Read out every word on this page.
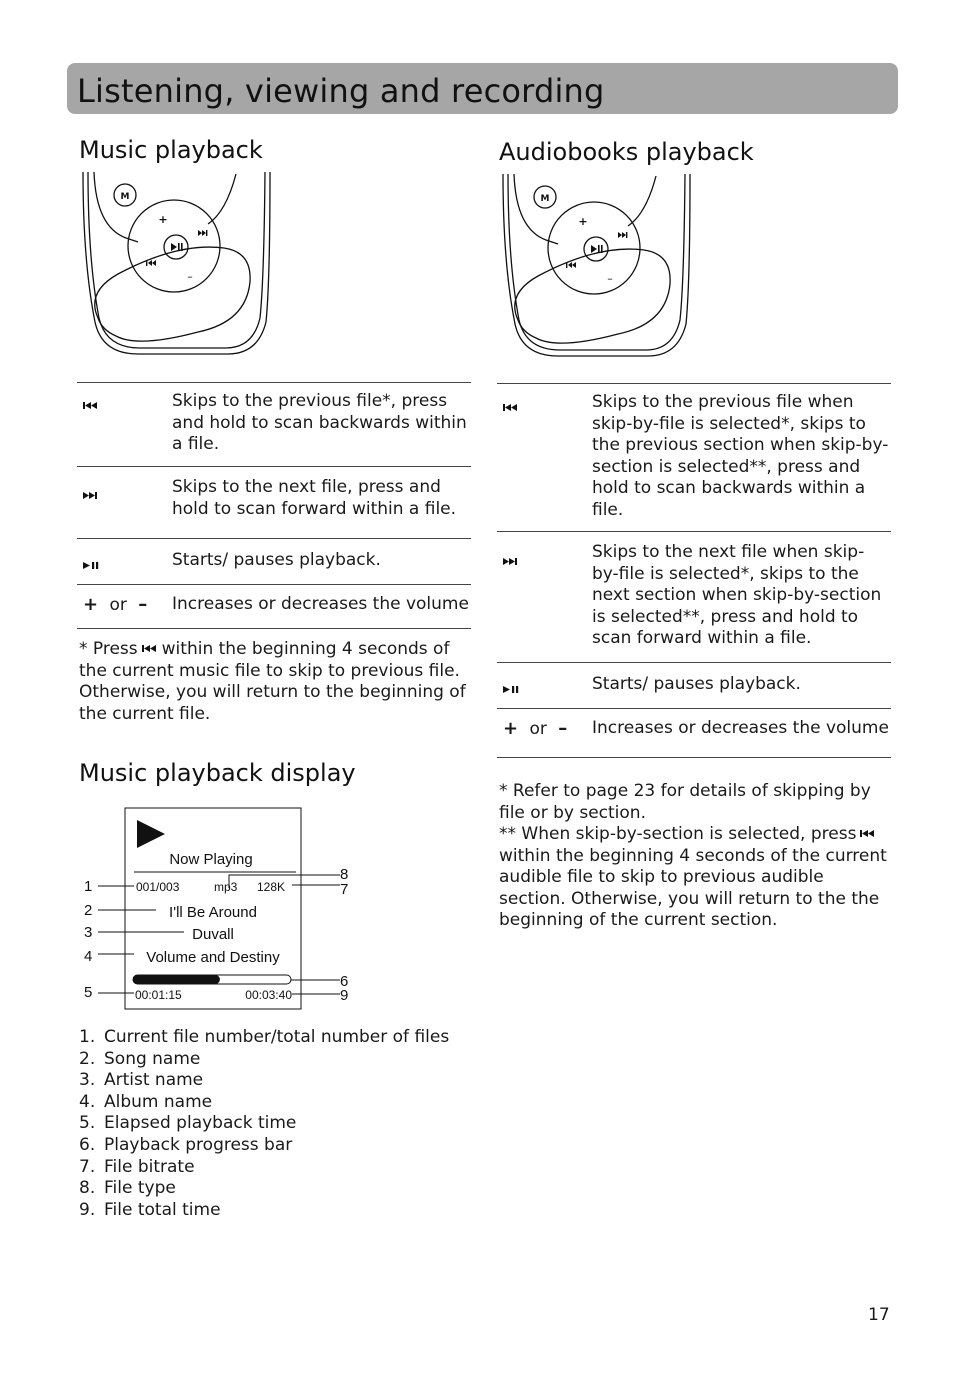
Listening, viewing and recording
Music playback	Audiobooks playback
M
+
–
M
+
–
	Skips to the previous file*, press and hold to scan backwards within a file.
	Skips to the next file, press and hold to scan forward within a file.
	Starts/ pauses playback.
+ or –	Increases or decreases the volume

* Press within the beginning 4 seconds of the current music file to skip to previous file. Otherwise, you will return to the beginning of the current file.

	Skips to the previous file when skip-by-file is selected*, skips to the previous section when skip-by-section is selected**, press and hold to scan backwards within a file.
	Skips to the next file when skip-by-file is selected*, skips to the next section when skip-by-section is selected**, press and hold to scan forward within a file.
	Starts/ pauses playback.
+ or –	Increases or decreases the volume

* Refer to page 23 for details of skipping by file or by section.

** When skip-by-section is selected, presswithin the beginning 4 seconds of the current audible file to skip to previous audible section. Otherwise, you will return to the the beginning of the current section.

Music playback display
Now Playing
001/003	mp3 128K
I'll Be Around
Duvall
Volume and Destiny
00:01:15	00:03:40
1
2
3
4
5
6
7
8
9
1. Current file number/total number of files
2. Song name
3. Artist name
4. Album name
5. Elapsed playback time
6. Playback progress bar
7. File bitrate
8. File type
9. File total time
17
